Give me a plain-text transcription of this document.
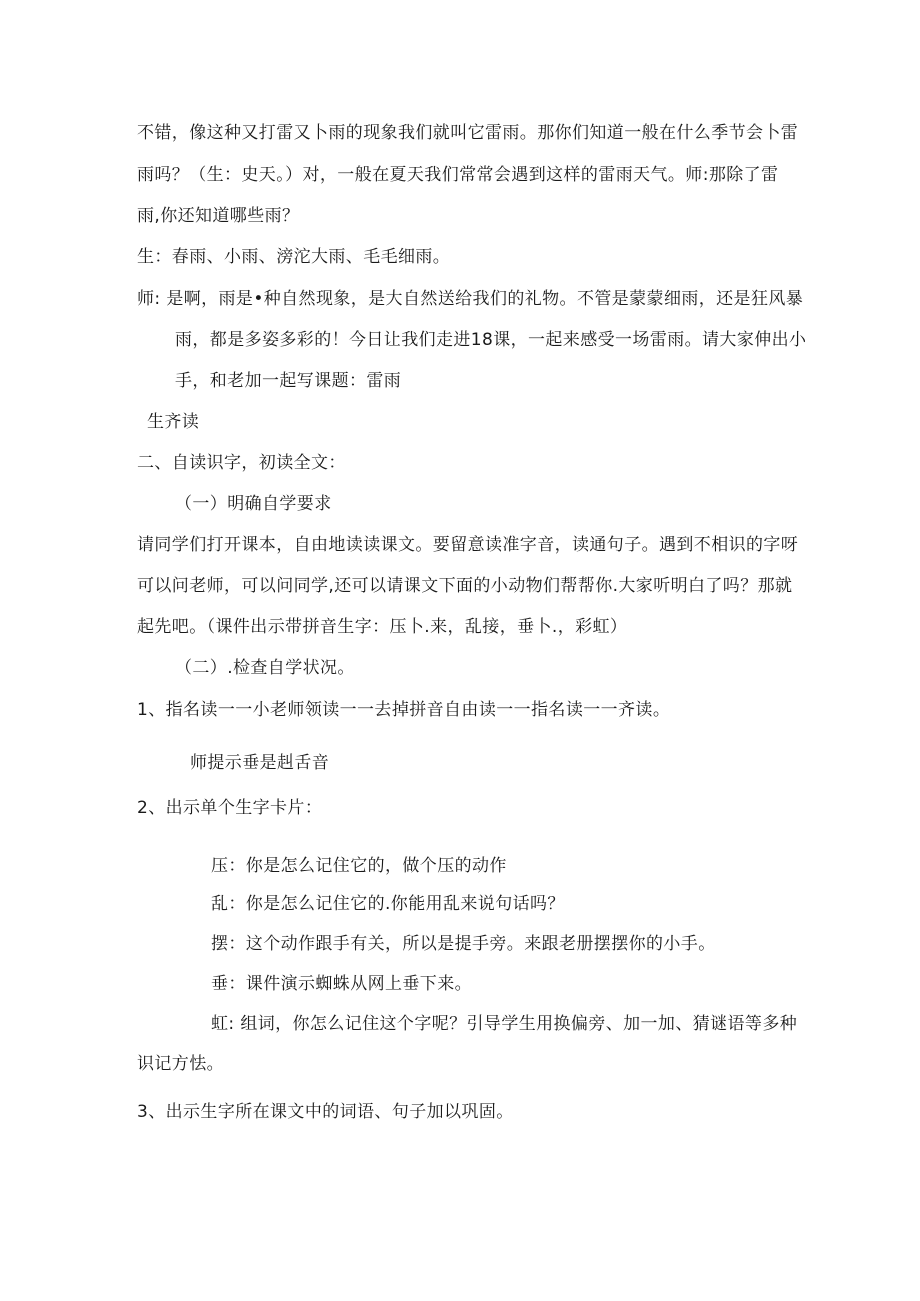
不错，像这种又打雷又卜雨的现象我们就叫它雷雨。那你们知道一般在什么季节会卜雷
雨吗？（生：史天。）对，一般在夏天我们常常会遇到这样的雷雨天气。师:那除了雷
雨,你还知道哪些雨？
生：春雨、小雨、滂沱大雨、毛毛细雨。
师: 是啊，雨是•种自然现象，是大自然送给我们的礼物。不管是蒙蒙细雨，还是狂风暴
雨，都是多姿多彩的！今日让我们走进18课，一起来感受一场雷雨。请大家伸出小
手，和老加一起写课题：雷雨
生齐读
二、自读识字，初读全文：
（一）明确自学要求
请同学们打开课本，自由地读读课文。要留意读准字音，读通句子。遇到不相识的字呀
可以问老师，可以问同学,还可以请课文下面的小动物们帮帮你.大家听明白了吗？那就
起先吧。（课件出示带拼音生字：压卜.来，乱接，垂卜.，彩虹）
（二）.检查自学状况。
1、指名读一一小老师领读一一去掉拼音自由读一一指名读一一齐读。
师提示垂是赳舌音
2、出示单个生字卡片：
压：你是怎么记住它的，做个压的动作
乱：你是怎么记住它的.你能用乱来说句话吗？
摆：这个动作跟手有关，所以是提手旁。来跟老册摆摆你的小手。
垂：课件演示蜘蛛从网上垂下来。
虹: 组词，你怎么记住这个字呢？引导学生用换偏旁、加一加、猜谜语等多种
识记方怯。
3、出示生字所在课文中的词语、句子加以巩固。
